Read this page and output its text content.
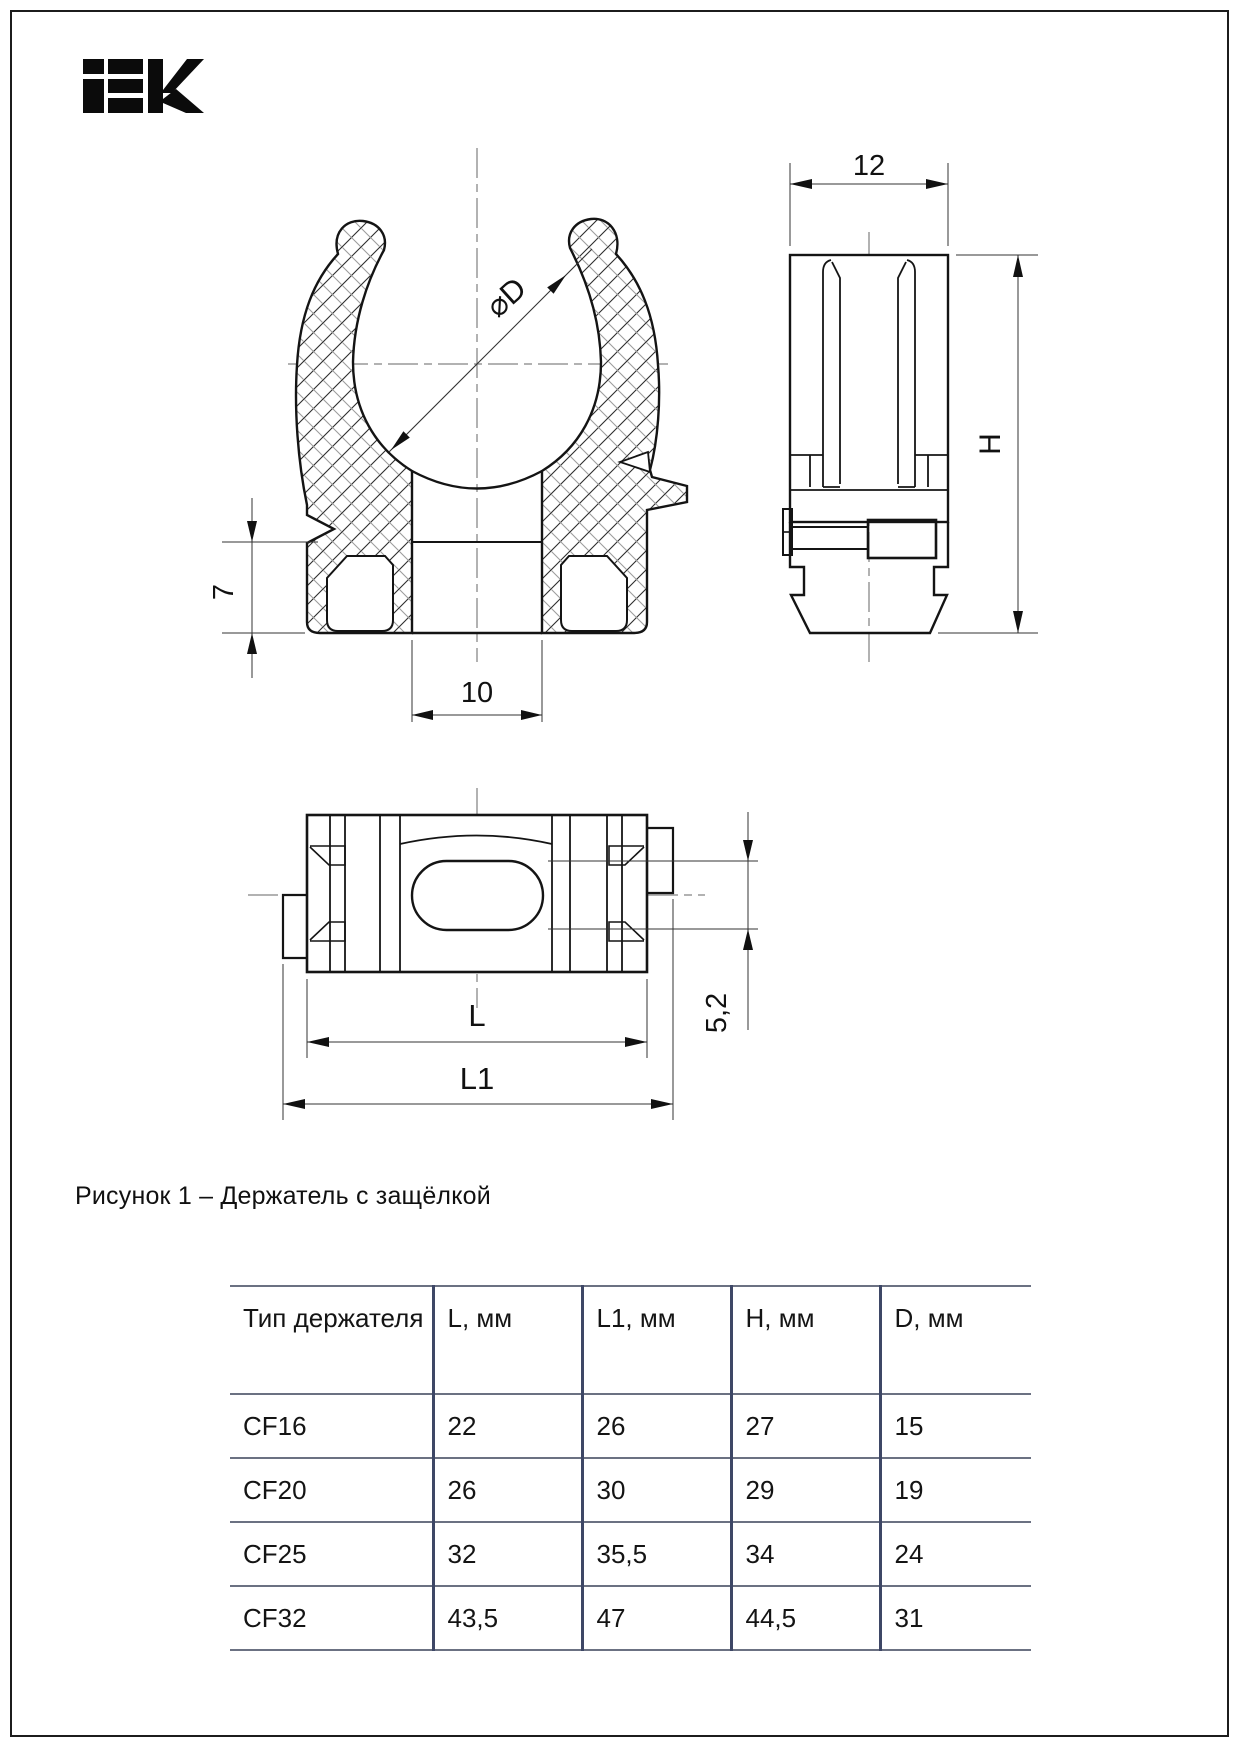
7
10
⌀D
12
H
5,2
L
L1
Рисунок 1 – Держатель с защёлкой
Тип держателя	L, мм	L1, мм	H, мм	D, мм
CF16	22	26	27	15
CF20	26	30	29	19
CF25	32	35,5	34	24
CF32	43,5	47	44,5	31
